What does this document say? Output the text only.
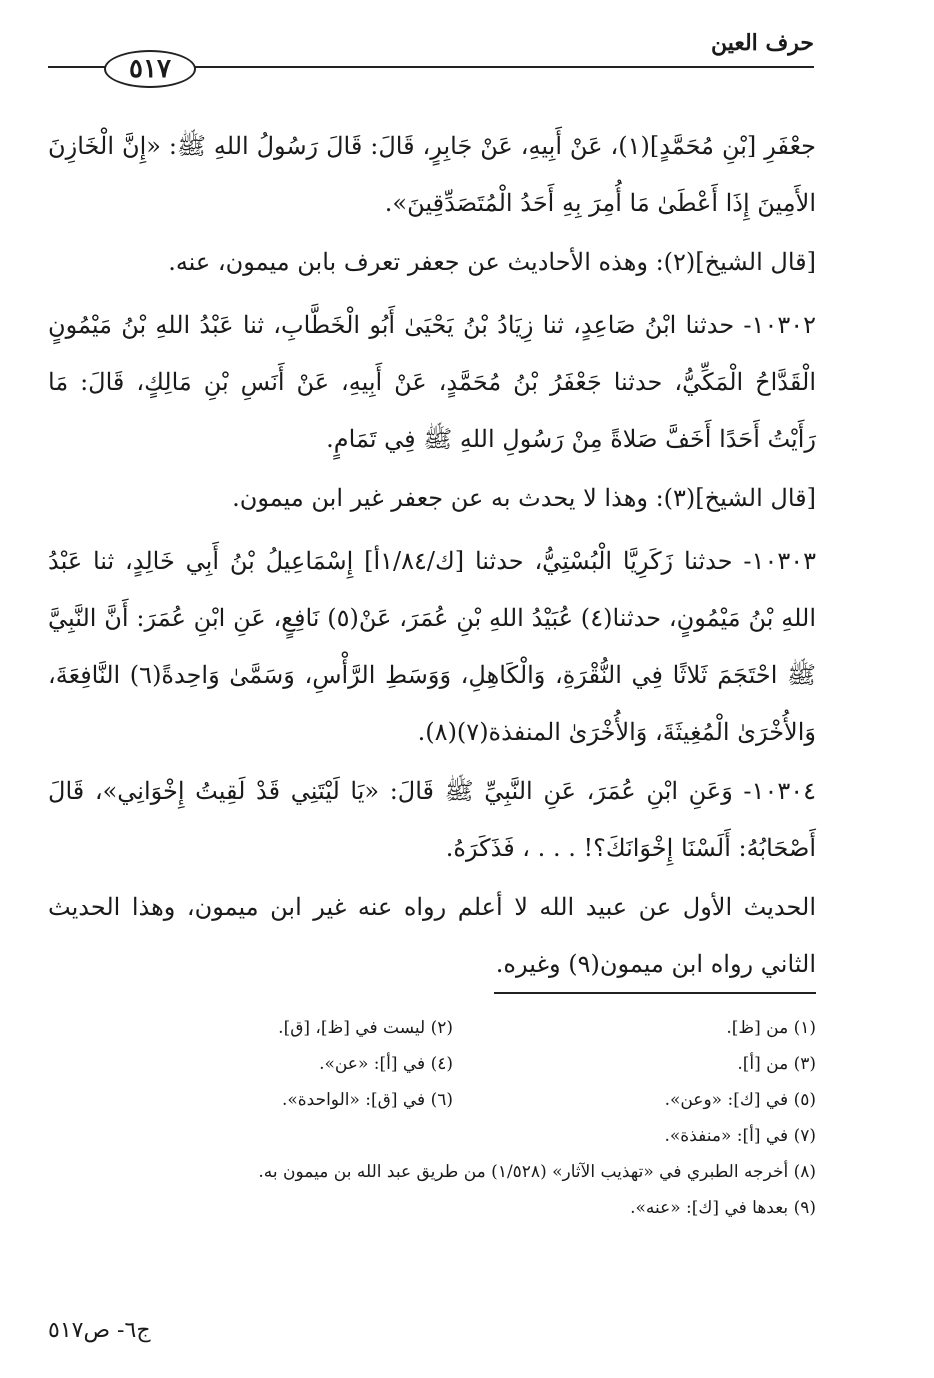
حرف العين
٥١٧

جعْفَرِ [بْنِ مُحَمَّدٍ](١)، عَنْ أَبِيهِ، عَنْ جَابِرٍ، قَالَ: قَالَ رَسُولُ اللهِ ﷺ: «إِنَّ الْخَازِنَ الأَمِينَ إِذَا أَعْطَىٰ مَا أُمِرَ بِهِ أَحَدُ الْمُتَصَدِّقِينَ».

[قال الشيخ](٢): وهذه الأحاديث عن جعفر تعرف بابن ميمون، عنه.

١٠٣٠٢- حدثنا ابْنُ صَاعِدٍ، ثنا زِيَادُ بْنُ يَحْيَىٰ أَبُو الْخَطَّابِ، ثنا عَبْدُ اللهِ بْنُ مَيْمُونٍ الْقَدَّاحُ الْمَكِّيُّ، حدثنا جَعْفَرُ بْنُ مُحَمَّدٍ، عَنْ أَبِيهِ، عَنْ أَنَسِ بْنِ مَالِكٍ، قَالَ: مَا رَأَيْتُ أَحَدًا أَخَفَّ صَلاةً مِنْ رَسُولِ اللهِ ﷺ فِي تَمَامٍ.

[قال الشيخ](٣): وهذا لا يحدث به عن جعفر غير ابن ميمون.

١٠٣٠٣- حدثنا زَكَرِيَّا الْبُسْتِيُّ، حدثنا [ك/١/٨٤أ] إِسْمَاعِيلُ بْنُ أَبِي خَالِدٍ، ثنا عَبْدُ اللهِ بْنُ مَيْمُونٍ، حدثنا(٤) عُبَيْدُ اللهِ بْنِ عُمَرَ، عَنْ(٥) نَافِعٍ، عَنِ ابْنِ عُمَرَ: أَنَّ النَّبِيَّ ﷺ احْتَجَمَ ثَلاثًا فِي النُّقْرَةِ، وَالْكَاهِلِ، وَوَسَطِ الرَّأْسِ، وَسَمَّىٰ وَاحِدةً(٦) النَّافِعَةَ، وَالأُخْرَىٰ الْمُغِيثَةَ، وَالأُخْرَىٰ المنفذة(٧)(٨).

١٠٣٠٤- وَعَنِ ابْنِ عُمَرَ، عَنِ النَّبِيِّ ﷺ قَالَ: «يَا لَيْتَنِي قَدْ لَقِيتُ إِخْوَانِي»، قَالَ أَصْحَابُهُ: أَلَسْنَا إِخْوَانَكَ؟! . . . ، فَذَكَرَهُ.

الحديث الأول عن عبيد الله لا أعلم رواه عنه غير ابن ميمون، وهذا الحديث الثاني رواه ابن ميمون(٩) وغيره.

(١) من [ظ].
(٢) ليست في [ظ]، [ق].
(٣) من [أ].
(٤) في [أ]: «عن».
(٥) في [ك]: «وعن».
(٦) في [ق]: «الواحدة».
(٧) في [أ]: «منفذة».
(٨) أخرجه الطبري في «تهذيب الآثار» (١/٥٢٨) من طريق عبد الله بن ميمون به.
(٩) بعدها في [ك]: «عنه».
ج٦- ص٥١٧
